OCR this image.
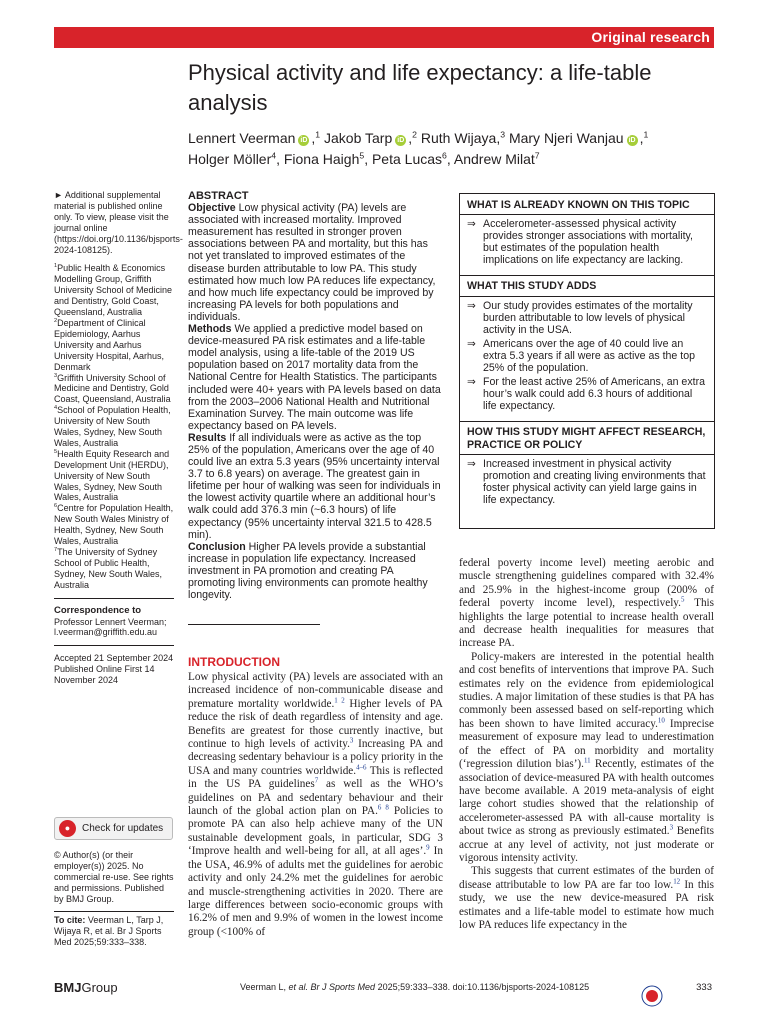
Original research
Physical activity and life expectancy: a life-table analysis
Lennert Veerman iD ,$^1$ Jakob Tarp iD ,$^2$ Ruth Wijaya,$^3$ Mary Njeri Wanjau iD ,$^1$
Holger Möller$^4$, Fiona Haigh$^5$, Peta Lucas$^6$, Andrew Milat$^7$

► Additional supplemental material is published online only. To view, please visit the journal online (https://doi.org/10.1136/bjsports-2024-108125).

$^1$Public Health & Economics Modelling Group, Griffith University School of Medicine and Dentistry, Gold Coast, Queensland, Australia

$^2$Department of Clinical Epidemiology, Aarhus University and Aarhus University Hospital, Aarhus, Denmark

$^3$Griffith University School of Medicine and Dentistry, Gold Coast, Queensland, Australia

$^4$School of Population Health, University of New South Wales, Sydney, New South Wales, Australia

$^5$Health Equity Research and Development Unit (HERDU), University of New South Wales, Sydney, New South Wales, Australia

$^6$Centre for Population Health, New South Wales Ministry of Health, Sydney, New South Wales, Australia

$^7$The University of Sydney School of Public Health, Sydney, New South Wales, Australia

Correspondence to

Professor Lennert Veerman; l.veerman@griffith.edu.au

Accepted 21 September 2024

Published Online First 14 November 2024

●	Check for updates

© Author(s) (or their employer(s)) 2025. No commercial re-use. See rights and permissions. Published by BMJ Group.

To cite: Veerman L, Tarp J, Wijaya R, et al. Br J Sports Med 2025;59:333–338.

ABSTRACT

Objective Low physical activity (PA) levels are associated with increased mortality. Improved measurement has resulted in stronger proven associations between PA and mortality, but this has not yet translated to improved estimates of the disease burden attributable to low PA. This study estimated how much low PA reduces life expectancy, and how much life expectancy could be improved by increasing PA levels for both populations and individuals.

Methods We applied a predictive model based on device-measured PA risk estimates and a life-table model analysis, using a life-table of the 2019 US population based on 2017 mortality data from the National Centre for Health Statistics. The participants included were 40+ years with PA levels based on data from the 2003–2006 National Health and Nutritional Examination Survey. The main outcome was life expectancy based on PA levels.

Results If all individuals were as active as the top 25% of the population, Americans over the age of 40 could live an extra 5.3 years (95% uncertainty interval 3.7 to 6.8 years) on average. The greatest gain in lifetime per hour of walking was seen for individuals in the lowest activity quartile where an additional hour’s walk could add 376.3 min (~6.3 hours) of life expectancy (95% uncertainty interval 321.5 to 428.5 min).

Conclusion Higher PA levels provide a substantial increase in population life expectancy. Increased investment in PA promotion and creating PA promoting living environments can promote healthy longevity.

WHAT IS ALREADY KNOWN ON THIS TOPIC

⇒ Accelerometer-assessed physical activity provides stronger associations with mortality, but estimates of the population health implications on life expectancy are lacking.

WHAT THIS STUDY ADDS

⇒ Our study provides estimates of the mortality burden attributable to low levels of physical activity in the USA.
⇒ Americans over the age of 40 could live an extra 5.3 years if all were as active as the top 25% of the population.
⇒ For the least active 25% of Americans, an extra hour’s walk could add 6.3 hours of additional life expectancy.

HOW THIS STUDY MIGHT AFFECT RESEARCH, PRACTICE OR POLICY

⇒ Increased investment in physical activity promotion and creating living environments that foster physical activity can yield large gains in life expectancy.
INTRODUCTION

Low physical activity (PA) levels are associated with an increased incidence of non-communicable disease and premature mortality worldwide.$^{1 2}$ Higher levels of PA reduce the risk of death regardless of intensity and age. Benefits are greatest for those currently inactive, but continue to high levels of activity.$^3$ Increasing PA and decreasing sedentary behaviour is a policy priority in the USA and many countries worldwide.$^{4-6}$ This is reflected in the US PA guidelines$^7$ as well as the WHO’s guidelines on PA and sedentary behaviour and their launch of the global action plan on PA.$^{6 8}$ Policies to promote PA can also help achieve many of the UN sustainable development goals, in particular, SDG 3 ‘Improve health and well-being for all, at all ages’.$^9$ In the USA, 46.9% of adults met the guidelines for aerobic activity and only 24.2% met the guidelines for aerobic and muscle-strengthening activities in 2020. There are large differences between socio-economic groups with 16.2% of men and 9.9% of women in the lowest income group (<100% of

federal poverty income level) meeting aerobic and muscle strengthening guidelines compared with 32.4% and 25.9% in the highest-income group (200% of federal poverty income level), respectively.$^5$ This highlights the large potential to increase health overall and decrease health inequalities for measures that increase PA.

Policy-makers are interested in the potential health and cost benefits of interventions that improve PA. Such estimates rely on the evidence from epidemiological studies. A major limitation of these studies is that PA has commonly been assessed based on self-reporting which has been shown to have limited accuracy.$^{10}$ Imprecise measurement of exposure may lead to underestimation of the effect of PA on morbidity and mortality (‘regression dilution bias’).$^{11}$ Recently, estimates of the association of device-measured PA with health outcomes have become available. A 2019 meta-analysis of eight large cohort studies showed that the relationship of accelerometer-assessed PA with all-cause mortality is about twice as strong as previously estimated.$^3$ Benefits accrue at any level of activity, not just moderate or vigorous intensity activity.

This suggests that current estimates of the burden of disease attributable to low PA are far too low.$^{12}$ In this study, we use the new device-measured PA risk estimates and a life-table model to estimate how much low PA reduces life expectancy in the

BMJGroup	Veerman L, et al. Br J Sports Med 2025;59:333–338. doi:10.1136/bjsports-2024-108125	333
